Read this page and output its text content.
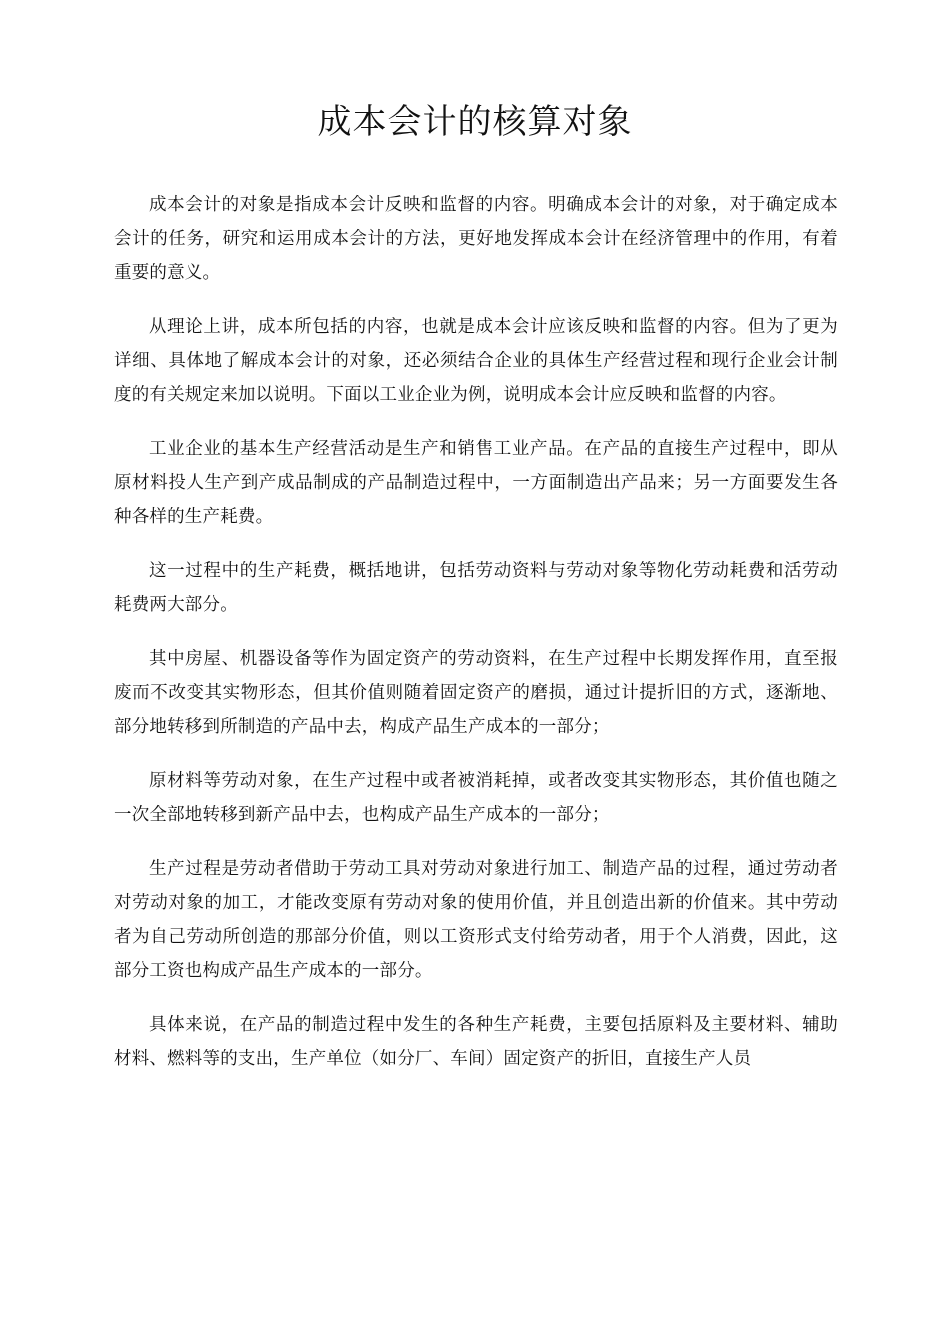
成本会计的核算对象

成本会计的对象是指成本会计反映和监督的内容。明确成本会计的对象，对于确定成本会计的任务，研究和运用成本会计的方法，更好地发挥成本会计在经济管理中的作用，有着重要的意义。

从理论上讲，成本所包括的内容，也就是成本会计应该反映和监督的内容。但为了更为详细、具体地了解成本会计的对象，还必须结合企业的具体生产经营过程和现行企业会计制度的有关规定来加以说明。下面以工业企业为例，说明成本会计应反映和监督的内容。

工业企业的基本生产经营活动是生产和销售工业产品。在产品的直接生产过程中，即从原材料投人生产到产成品制成的产品制造过程中，一方面制造出产品来；另一方面要发生各种各样的生产耗费。

这一过程中的生产耗费，概括地讲，包括劳动资料与劳动对象等物化劳动耗费和活劳动耗费两大部分。

其中房屋、机器设备等作为固定资产的劳动资料，在生产过程中长期发挥作用，直至报废而不改变其实物形态，但其价值则随着固定资产的磨损，通过计提折旧的方式，逐渐地、部分地转移到所制造的产品中去，构成产品生产成本的一部分；

原材料等劳动对象，在生产过程中或者被消耗掉，或者改变其实物形态，其价值也随之一次全部地转移到新产品中去，也构成产品生产成本的一部分；

生产过程是劳动者借助于劳动工具对劳动对象进行加工、制造产品的过程，通过劳动者对劳动对象的加工，才能改变原有劳动对象的使用价值，并且创造出新的价值来。其中劳动者为自己劳动所创造的那部分价值，则以工资形式支付给劳动者，用于个人消费，因此，这部分工资也构成产品生产成本的一部分。

具体来说，在产品的制造过程中发生的各种生产耗费，主要包括原料及主要材料、辅助材料、燃料等的支出，生产单位（如分厂、车间）固定资产的折旧，直接生产人员
